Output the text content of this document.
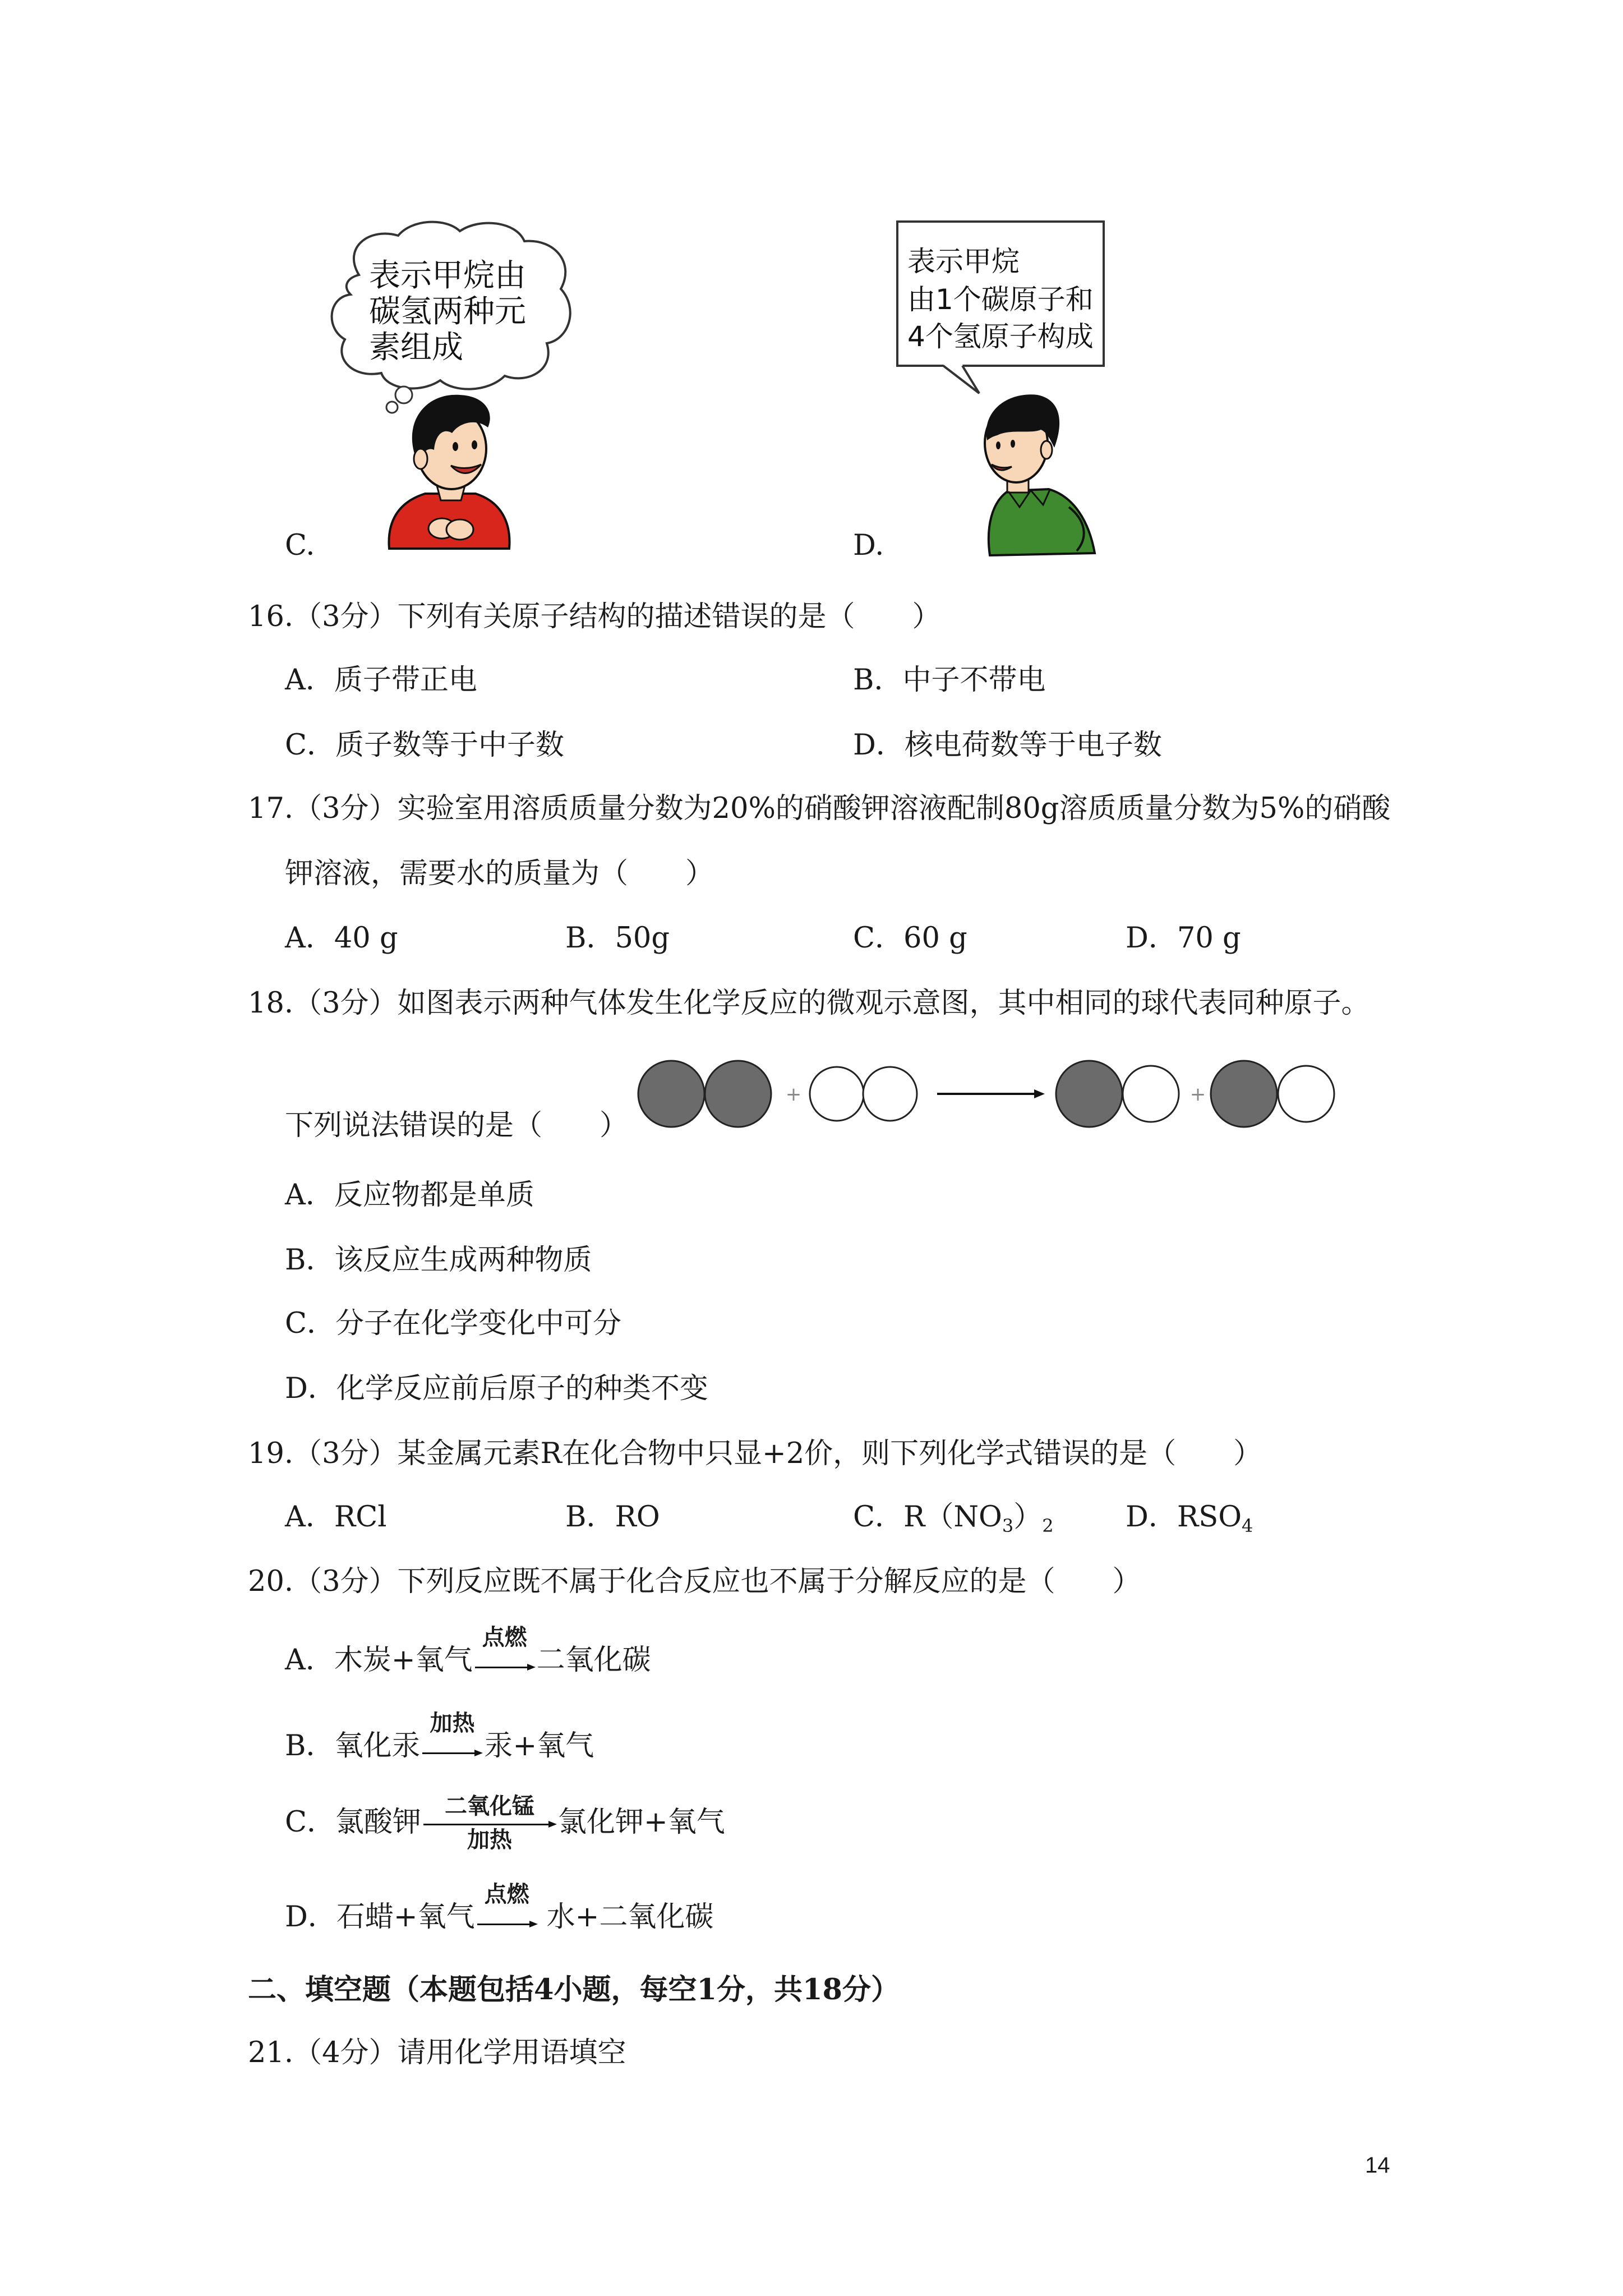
表示甲烷由
碳氢两种元
素组成
表示甲烷
由1个碳原子和
4个氢原子构成
C.	D.
16.（3分）下列有关原子结构的描述错误的是（　　）
A．质子带正电	B．中子不带电
C．质子数等于中子数	D．核电荷数等于电子数
17.（3分）实验室用溶质质量分数为20%的硝酸钾溶液配制80g溶质质量分数为5%的硝酸
钾溶液，需要水的质量为（　　）
A．40 g	B．50g	C．60 g	D．70 g
18.（3分）如图表示两种气体发生化学反应的微观示意图，其中相同的球代表同种原子。
下列说法错误的是（　　）
+	+
A．反应物都是单质
B．该反应生成两种物质
C．分子在化学变化中可分
D．化学反应前后原子的种类不变
19.（3分）某金属元素R在化合物中只显+2价，则下列化学式错误的是（　　）
A．RCl	B．RO	C．$R(NO_3)_2$	D．$RSO_4$
20.（3分）下列反应既不属于化合反应也不属于分解反应的是（　　）
A．木炭+氧气
点燃
二氧化碳
B．氧化汞
加热
汞+氧气
C．氯酸钾 二氧化锰
加热
氯化钾+氧气
D．石蜡+氧气
点燃
水+二氧化碳
二、填空题（本题包括4小题，每空1分，共18分）
21.（4分）请用化学用语填空
14
